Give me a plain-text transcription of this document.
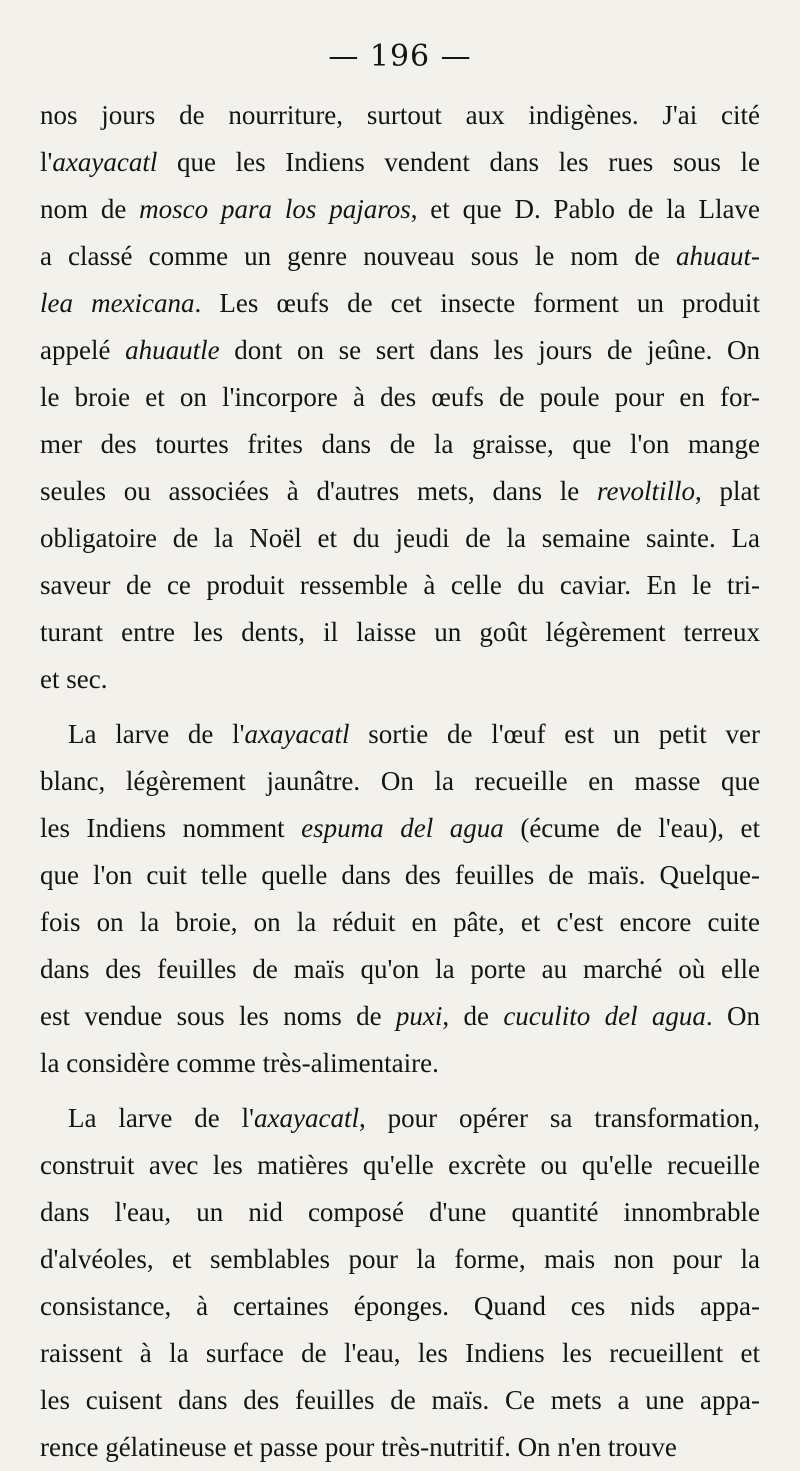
— 196 —
nos jours de nourriture, surtout aux indigènes. J'ai cité
l'axayacatl que les Indiens vendent dans les rues sous le
nom de mosco para los pajaros, et que D. Pablo de la Llave
a classé comme un genre nouveau sous le nom de ahuaut-
lea mexicana. Les œufs de cet insecte forment un produit
appelé ahuautle dont on se sert dans les jours de jeûne. On
le broie et on l'incorpore à des œufs de poule pour en for-
mer des tourtes frites dans de la graisse, que l'on mange
seules ou associées à d'autres mets, dans le revoltillo, plat
obligatoire de la Noël et du jeudi de la semaine sainte. La
saveur de ce produit ressemble à celle du caviar. En le tri-
turant entre les dents, il laisse un goût légèrement terreux
et sec.
La larve de l'axayacatl sortie de l'œuf est un petit ver
blanc, légèrement jaunâtre. On la recueille en masse que
les Indiens nomment espuma del agua (écume de l'eau), et
que l'on cuit telle quelle dans des feuilles de maïs. Quelque-
fois on la broie, on la réduit en pâte, et c'est encore cuite
dans des feuilles de maïs qu'on la porte au marché où elle
est vendue sous les noms de puxi, de cuculito del agua. On
la considère comme très-alimentaire.
La larve de l'axayacatl, pour opérer sa transformation,
construit avec les matières qu'elle excrète ou qu'elle recueille
dans l'eau, un nid composé d'une quantité innombrable
d'alvéoles, et semblables pour la forme, mais non pour la
consistance, à certaines éponges. Quand ces nids appa-
raissent à la surface de l'eau, les Indiens les recueillent et
les cuisent dans des feuilles de maïs. Ce mets a une appa-
rence gélatineuse et passe pour très-nutritif. On n'en trouve
